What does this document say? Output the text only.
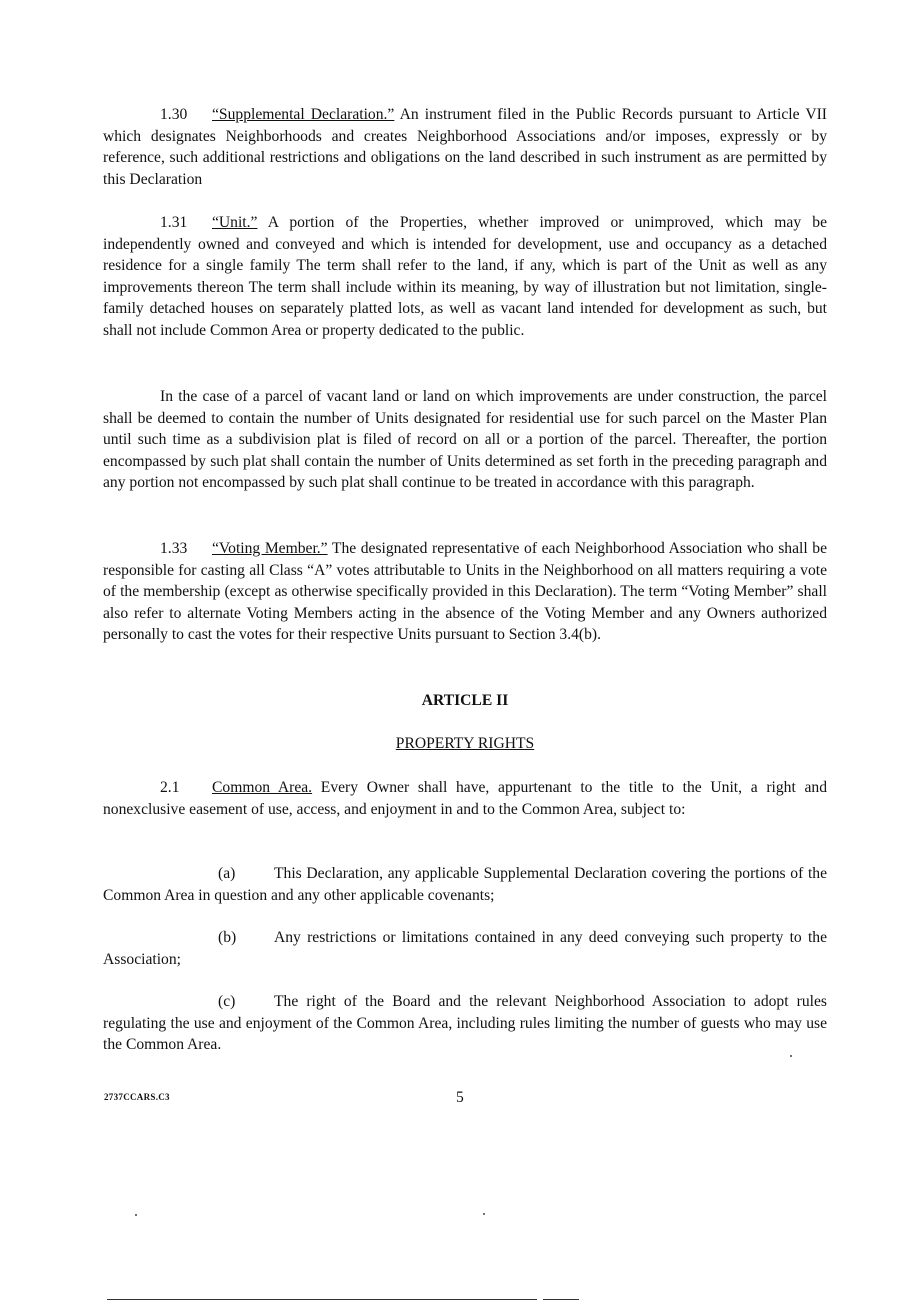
1.30 “Supplemental Declaration.” An instrument filed in the Public Records pursuant to Article VII which designates Neighborhoods and creates Neighborhood Associations and/or imposes, expressly or by reference, such additional restrictions and obligations on the land described in such instrument as are permitted by this Declaration

1.31 “Unit.” A portion of the Properties, whether improved or unimproved, which may be independently owned and conveyed and which is intended for development, use and occupancy as a detached residence for a single family The term shall refer to the land, if any, which is part of the Unit as well as any improvements thereon The term shall include within its meaning, by way of illustration but not limitation, single-family detached houses on separately platted lots, as well as vacant land intended for development as such, but shall not include Common Area or property dedicated to the public.

In the case of a parcel of vacant land or land on which improvements are under construction, the parcel shall be deemed to contain the number of Units designated for residential use for such parcel on the Master Plan until such time as a subdivision plat is filed of record on all or a portion of the parcel. Thereafter, the portion encompassed by such plat shall contain the number of Units determined as set forth in the preceding paragraph and any portion not encompassed by such plat shall continue to be treated in accordance with this paragraph.

1.33 “Voting Member.” The designated representative of each Neighborhood Association who shall be responsible for casting all Class “A” votes attributable to Units in the Neighborhood on all matters requiring a vote of the membership (except as otherwise specifically provided in this Declaration). The term “Voting Member” shall also refer to alternate Voting Members acting in the absence of the Voting Member and any Owners authorized personally to cast the votes for their respective Units pursuant to Section 3.4(b).

ARTICLE II

PROPERTY RIGHTS

2.1 Common Area. Every Owner shall have, appurtenant to the title to the Unit, a right and nonexclusive easement of use, access, and enjoyment in and to the Common Area, subject to:

(a) This Declaration, any applicable Supplemental Declaration covering the portions of the Common Area in question and any other applicable covenants;

(b) Any restrictions or limitations contained in any deed conveying such property to the Association;

(c) The right of the Board and the relevant Neighborhood Association to adopt rules regulating the use and enjoyment of the Common Area, including rules limiting the number of guests who may use the Common Area.

2737CCARS.C3	5
